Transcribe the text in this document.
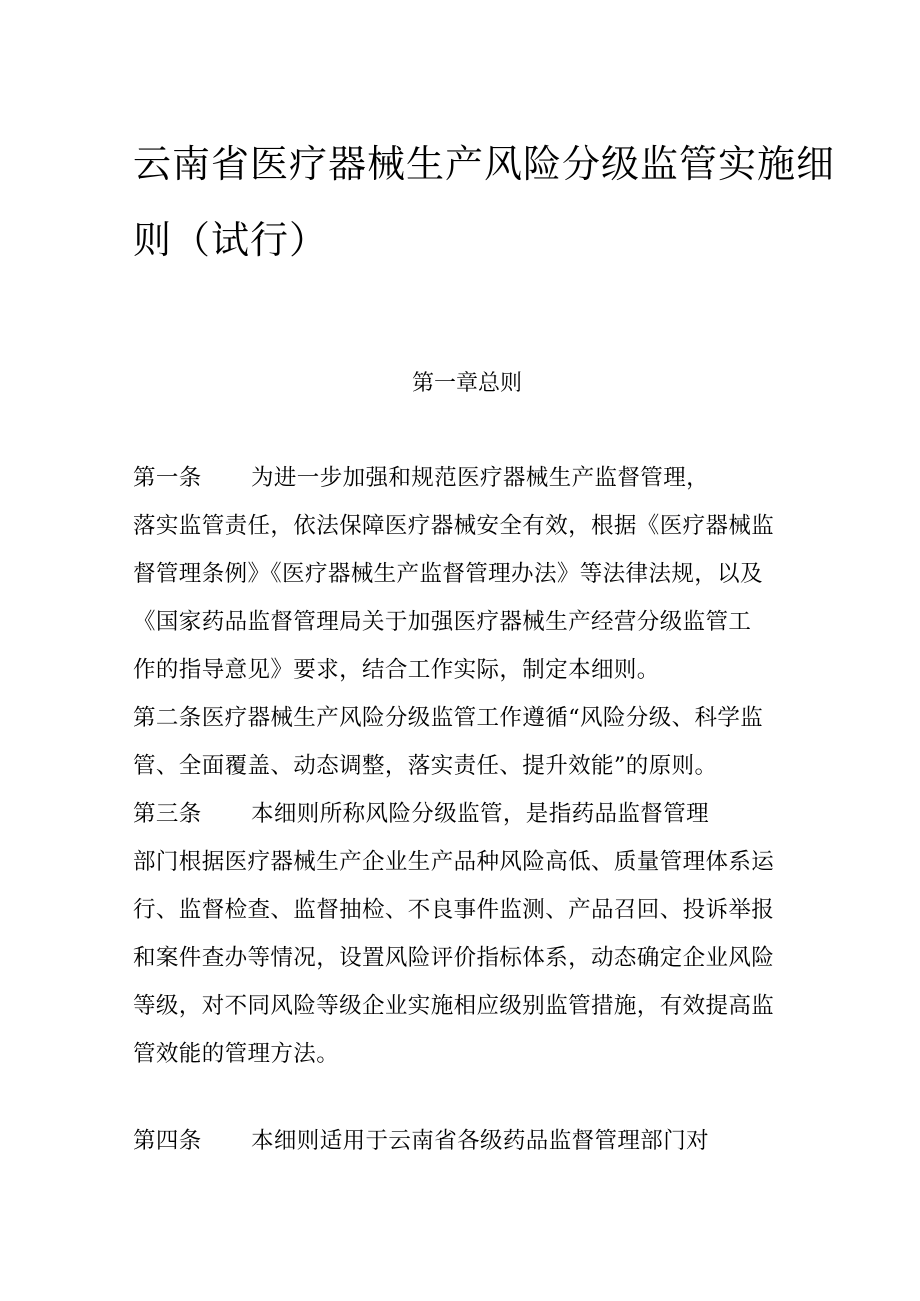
云南省医疗器械生产风险分级监管实施细
则（试行）
第一章总则
第一条 为进一步加强和规范医疗器械生产监督管理，
落实监管责任，依法保障医疗器械安全有效，根据《医疗器械监
督管理条例》《医疗器械生产监督管理办法》等法律法规，以及
《国家药品监督管理局关于加强医疗器械生产经营分级监管工
作的指导意见》要求，结合工作实际，制定本细则。
第二条医疗器械生产风险分级监管工作遵循“风险分级、科学监
管、全面覆盖、动态调整，落实责任、提升效能”的原则。
第三条 本细则所称风险分级监管，是指药品监督管理
部门根据医疗器械生产企业生产品种风险高低、质量管理体系运
行、监督检查、监督抽检、不良事件监测、产品召回、投诉举报
和案件查办等情况，设置风险评价指标体系，动态确定企业风险
等级，对不同风险等级企业实施相应级别监管措施，有效提高监
管效能的管理方法。
第四条 本细则适用于云南省各级药品监督管理部门对
